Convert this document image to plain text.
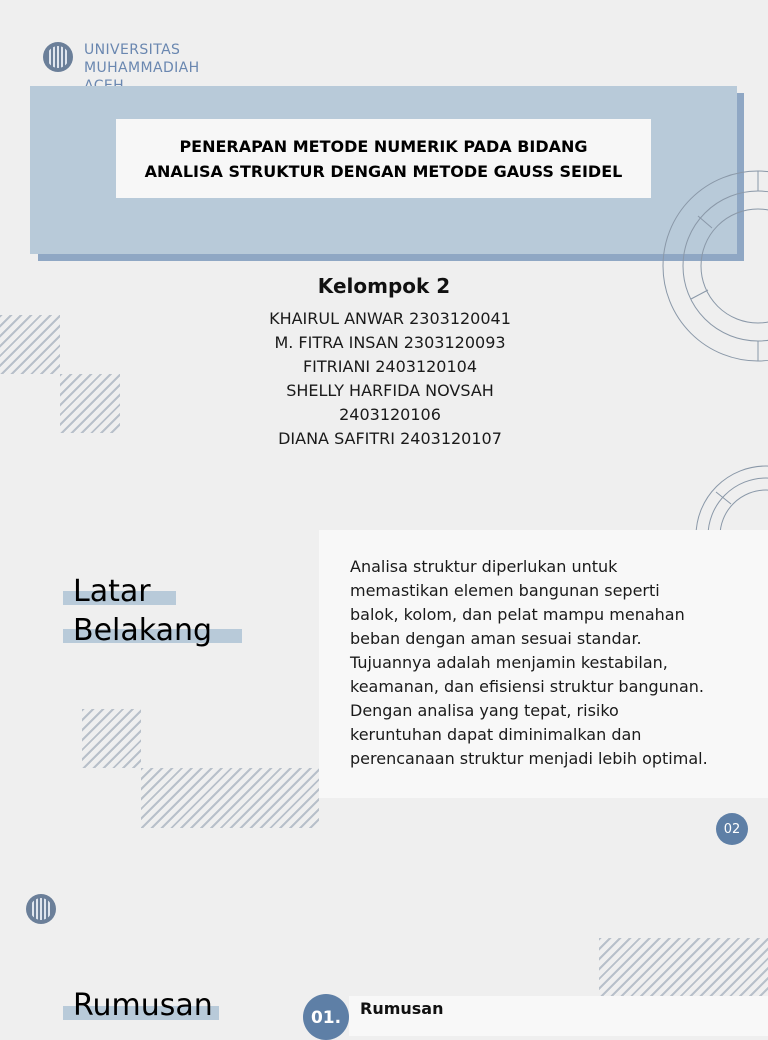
UNIVERSITAS
MUHAMMADIAH

PENERAPAN METODE NUMERIK PADA BIDANG
ANALISA STRUKTUR DENGAN METODE GAUSS SEIDEL

Kelompok 2
KHAIRUL ANWAR 2303120041
M. FITRA INSAN 2303120093
FITRIANI 2403120104
SHELLY HARFIDA NOVSAH
2403120106
DIANA SAFITRI 2403120107
Latar
Belakang
Analisa struktur diperlukan untuk memastikan elemen bangunan seperti balok, kolom, dan pelat mampu menahan beban dengan aman sesuai standar. Tujuannya adalah menjamin kestabilan, keamanan, dan efisiensi struktur bangunan. Dengan analisa yang tepat, risiko keruntuhan dapat diminimalkan dan perencanaan struktur menjadi lebih optimal.
02
Rumusan	01. Rumusan
